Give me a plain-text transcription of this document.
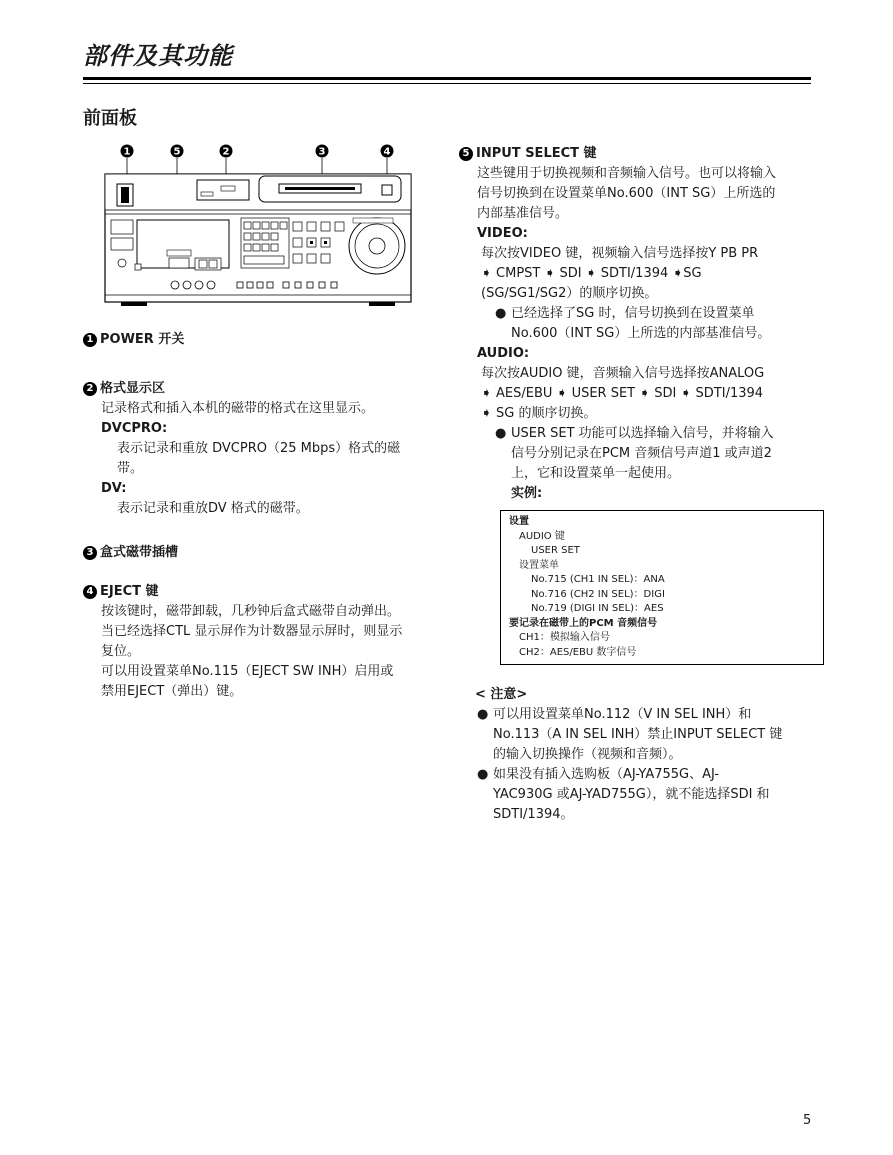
部件及其功能
前面板
1	5	2	3	4
1 POWER 开关
2 格式显示区
记录格式和插入本机的磁带的格式在这里显示。
DVCPRO:
表示记录和重放 DVCPRO（25 Mbps）格式的磁
带。
DV:
表示记录和重放DV 格式的磁带。
3 盒式磁带插槽
4 EJECT 键
按该键时，磁带卸载，几秒钟后盒式磁带自动弹出。
当已经选择CTL 显示屏作为计数器显示屏时，则显示
复位。
可以用设置菜单No.115（EJECT SW INH）启用或
禁用EJECT（弹出）键。
5 INPUT SELECT 键
这些键用于切换视频和音频输入信号。也可以将输入
信号切换到在设置菜单No.600（INT SG）上所选的
内部基准信号。
VIDEO:
每次按VIDEO 键，视频输入信号选择按Y PB PR
➧ CMPST ➧ SDI ➧ SDTI/1394 ➧SG
(SG/SG1/SG2）的顺序切换。
● 已经选择了SG 时，信号切换到在设置菜单
No.600（INT SG）上所选的内部基准信号。
AUDIO:
每次按AUDIO 键，音频输入信号选择按ANALOG
➧ AES/EBU ➧ USER SET ➧ SDI ➧ SDTI/1394
➧ SG 的顺序切换。
● USER SET 功能可以选择输入信号，并将输入
信号分别记录在PCM 音频信号声道1 或声道2
上，它和设置菜单一起使用。
实例:
设置
AUDIO 键
USER SET
设置菜单
No.715 (CH1 IN SEL)：ANA
No.716 (CH2 IN SEL)：DIGI
No.719 (DIGI IN SEL)：AES
要记录在磁带上的PCM 音频信号
CH1：模拟输入信号
CH2：AES/EBU 数字信号
< 注意>
● 可以用设置菜单No.112（V IN SEL INH）和
No.113（A IN SEL INH）禁止INPUT SELECT 键
的输入切换操作（视频和音频）。
● 如果没有插入选购板（AJ-YA755G、AJ-
YAC930G 或AJ-YAD755G），就不能选择SDI 和
SDTI/1394。
5
